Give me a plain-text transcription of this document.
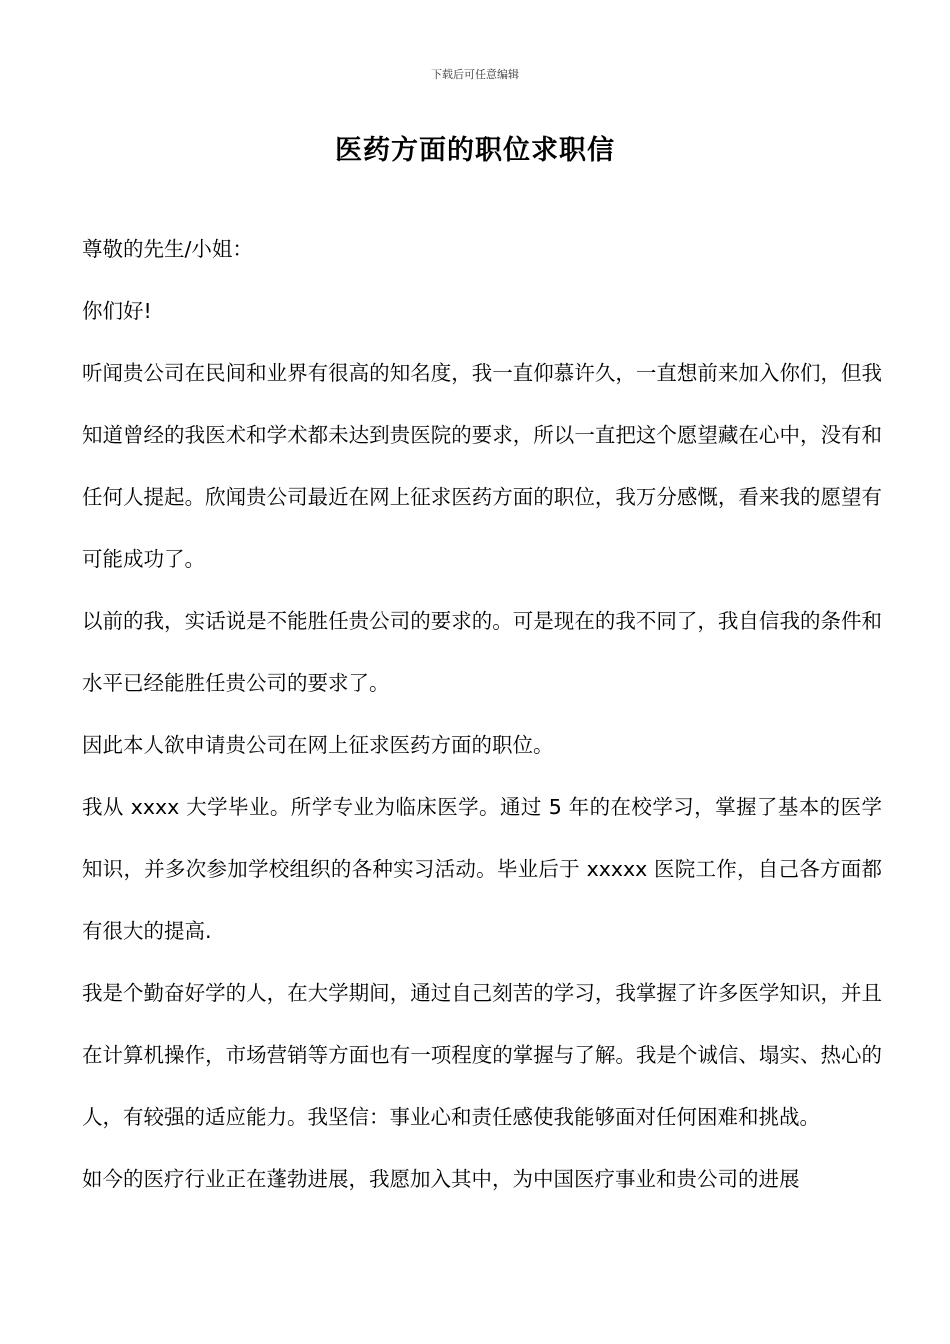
下载后可任意编辑
医药方面的职位求职信

尊敬的先生/小姐：

你们好!

听闻贵公司在民间和业界有很高的知名度，我一直仰慕许久，一直想前来加入你们，但我知道曾经的我医术和学术都未达到贵医院的要求，所以一直把这个愿望藏在心中，没有和任何人提起。欣闻贵公司最近在网上征求医药方面的职位，我万分感慨，看来我的愿望有可能成功了。

以前的我，实话说是不能胜任贵公司的要求的。可是现在的我不同了，我自信我的条件和水平已经能胜任贵公司的要求了。

因此本人欲申请贵公司在网上征求医药方面的职位。

我从 xxxx 大学毕业。所学专业为临床医学。通过 5 年的在校学习，掌握了基本的医学知识，并多次参加学校组织的各种实习活动。毕业后于 xxxxx 医院工作，自己各方面都有很大的提高.

我是个勤奋好学的人，在大学期间，通过自己刻苦的学习，我掌握了许多医学知识，并且在计算机操作，市场营销等方面也有一项程度的掌握与了解。我是个诚信、塌实、热心的人，有较强的适应能力。我坚信：事业心和责任感使我能够面对任何困难和挑战。

如今的医疗行业正在蓬勃进展，我愿加入其中，为中国医疗事业和贵公司的进展
